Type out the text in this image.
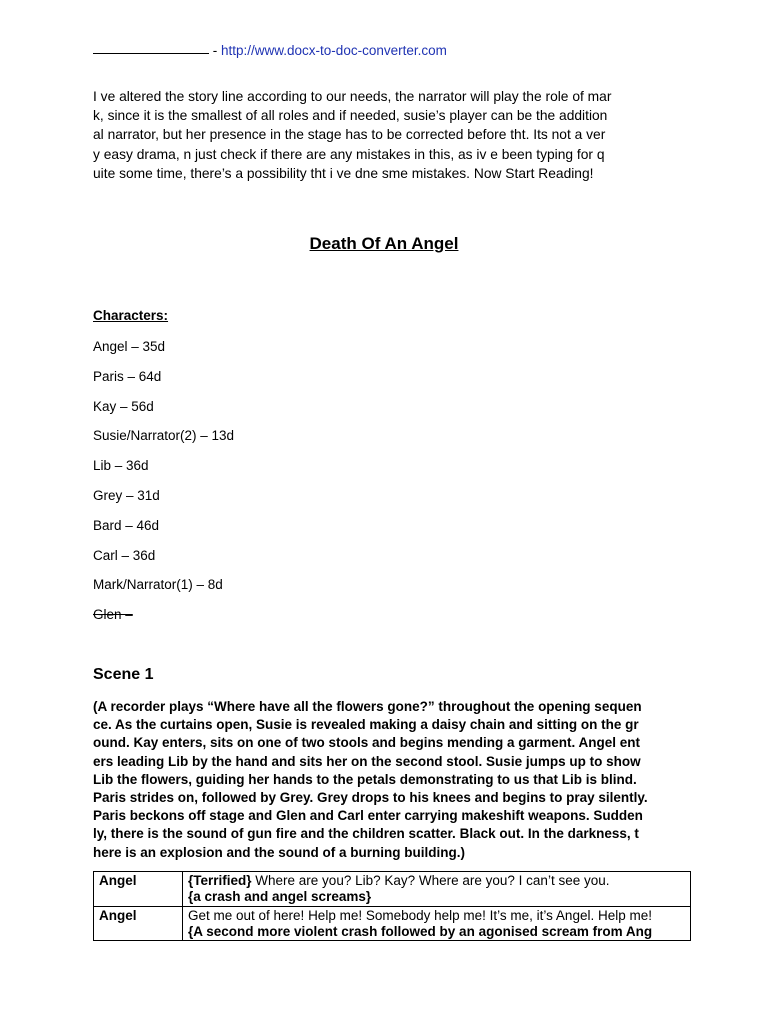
- http://www.docx-to-doc-converter.com
I ve altered the story line according to our needs, the narrator will play the role of mar
k, since it is the smallest of all roles and if needed, susie’s player can be the addition
al narrator, but her presence in the stage has to be corrected before tht. Its not a ver
y easy drama, n just check if there are any mistakes in this, as iv e been typing for q
uite some time, there’s a possibility tht i ve dne sme mistakes. Now Start Reading!
Death Of An Angel
Characters:
Angel – 35d
Paris – 64d
Kay – 56d
Susie/Narrator(2) – 13d
Lib – 36d
Grey – 31d
Bard – 46d
Carl – 36d
Mark/Narrator(1) – 8d
Glen –
Scene 1
(A recorder plays “Where have all the flowers gone?” throughout the opening sequen
ce. As the curtains open, Susie is revealed making a daisy chain and sitting on the gr
ound. Kay enters, sits on one of two stools and begins mending a garment. Angel ent
ers leading Lib by the hand and sits her on the second stool. Susie jumps up to show
Lib the flowers, guiding her hands to the petals demonstrating to us that Lib is blind.
Paris strides on, followed by Grey. Grey drops to his knees and begins to pray silently.
Paris beckons off stage and Glen and Carl enter carrying makeshift weapons. Sudden
ly, there is the sound of gun fire and the children scatter. Black out. In the darkness, t
here is an explosion and the sound of a burning building.)
Angel	{Terrified} Where are you? Lib? Kay? Where are you? I can’t see you.
{a crash and angel screams}
Angel	Get me out of here! Help me! Somebody help me! It’s me, it’s Angel. Help me!
{A second more violent crash followed by an agonised scream from Ang
